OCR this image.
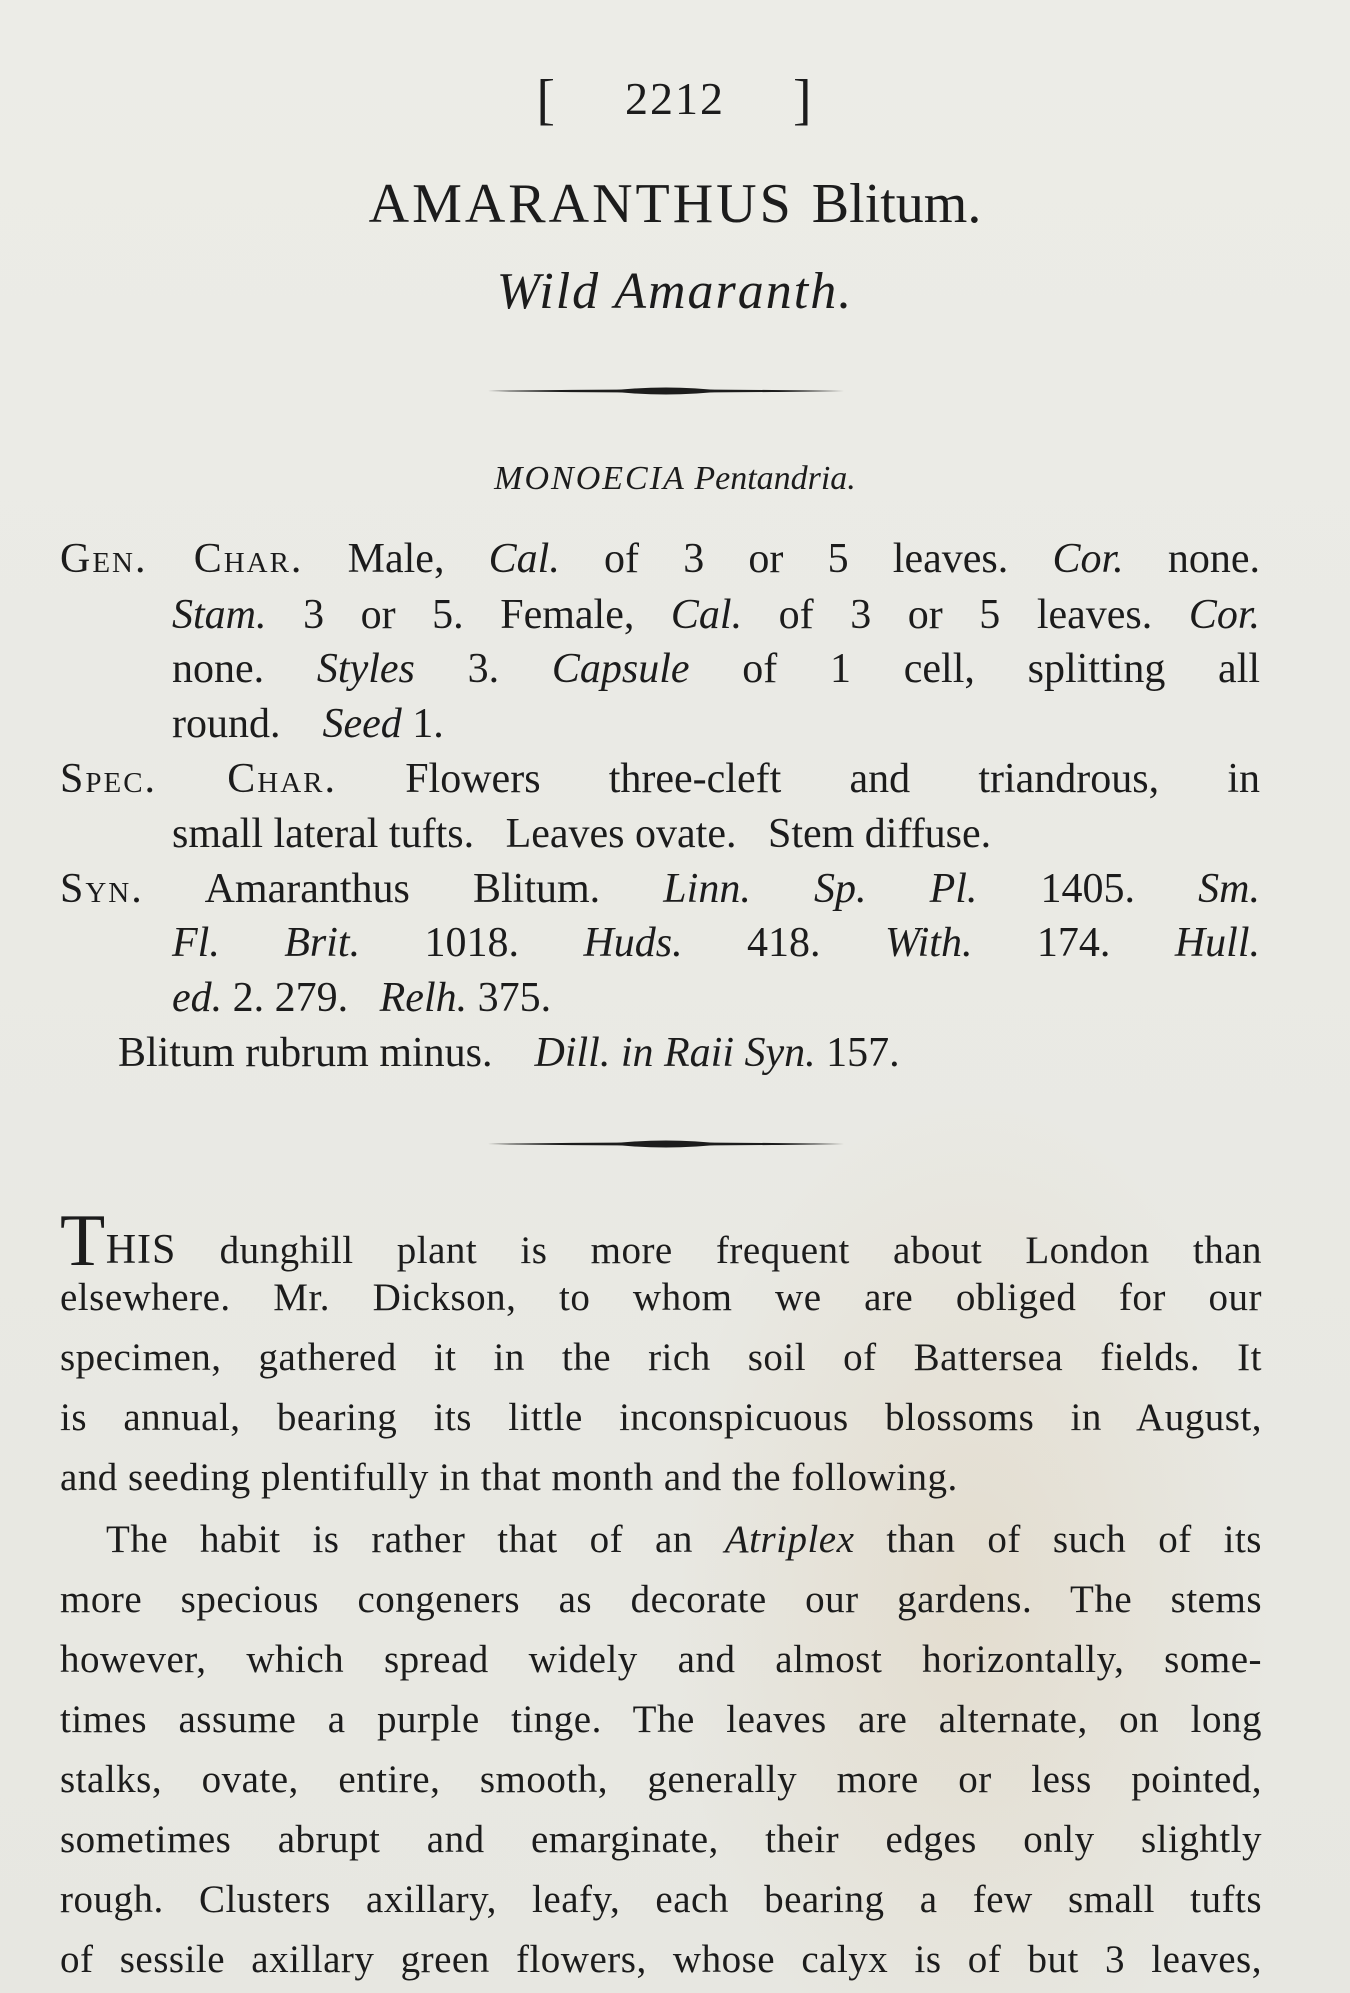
[ 2212 ]
AMARANTHUS Blitum.
Wild Amaranth.
MONOECIA Pentandria.
Gen. Char. Male, Cal. of 3 or 5 leaves. Cor. none.
Stam. 3 or 5. Female, Cal. of 3 or 5 leaves. Cor.
none. Styles 3. Capsule of 1 cell, splitting all
round. Seed 1.
Spec. Char. Flowers three-cleft and triandrous, in
small lateral tufts.   Leaves ovate.   Stem diffuse.
Syn. Amaranthus Blitum. Linn. Sp. Pl. 1405. Sm.
Fl. Brit. 1018. Huds. 418. With. 174. Hull.
ed. 2. 279. Relh. 375.
Blitum rubrum minus. Dill. in Raii Syn. 157.
THIS dunghill plant is more frequent about London than
elsewhere. Mr. Dickson, to whom we are obliged for our
specimen, gathered it in the rich soil of Battersea fields. It
is annual, bearing its little inconspicuous blossoms in August,
and seeding plentifully in that month and the following.
The habit is rather that of an Atriplex than of such of its
more specious congeners as decorate our gardens. The stems
however, which spread widely and almost horizontally, some-
times assume a purple tinge. The leaves are alternate, on long
stalks, ovate, entire, smooth, generally more or less pointed,
sometimes abrupt and emarginate, their edges only slightly
rough. Clusters axillary, leafy, each bearing a few small tufts
of sessile axillary green flowers, whose calyx is of but 3 leaves,
